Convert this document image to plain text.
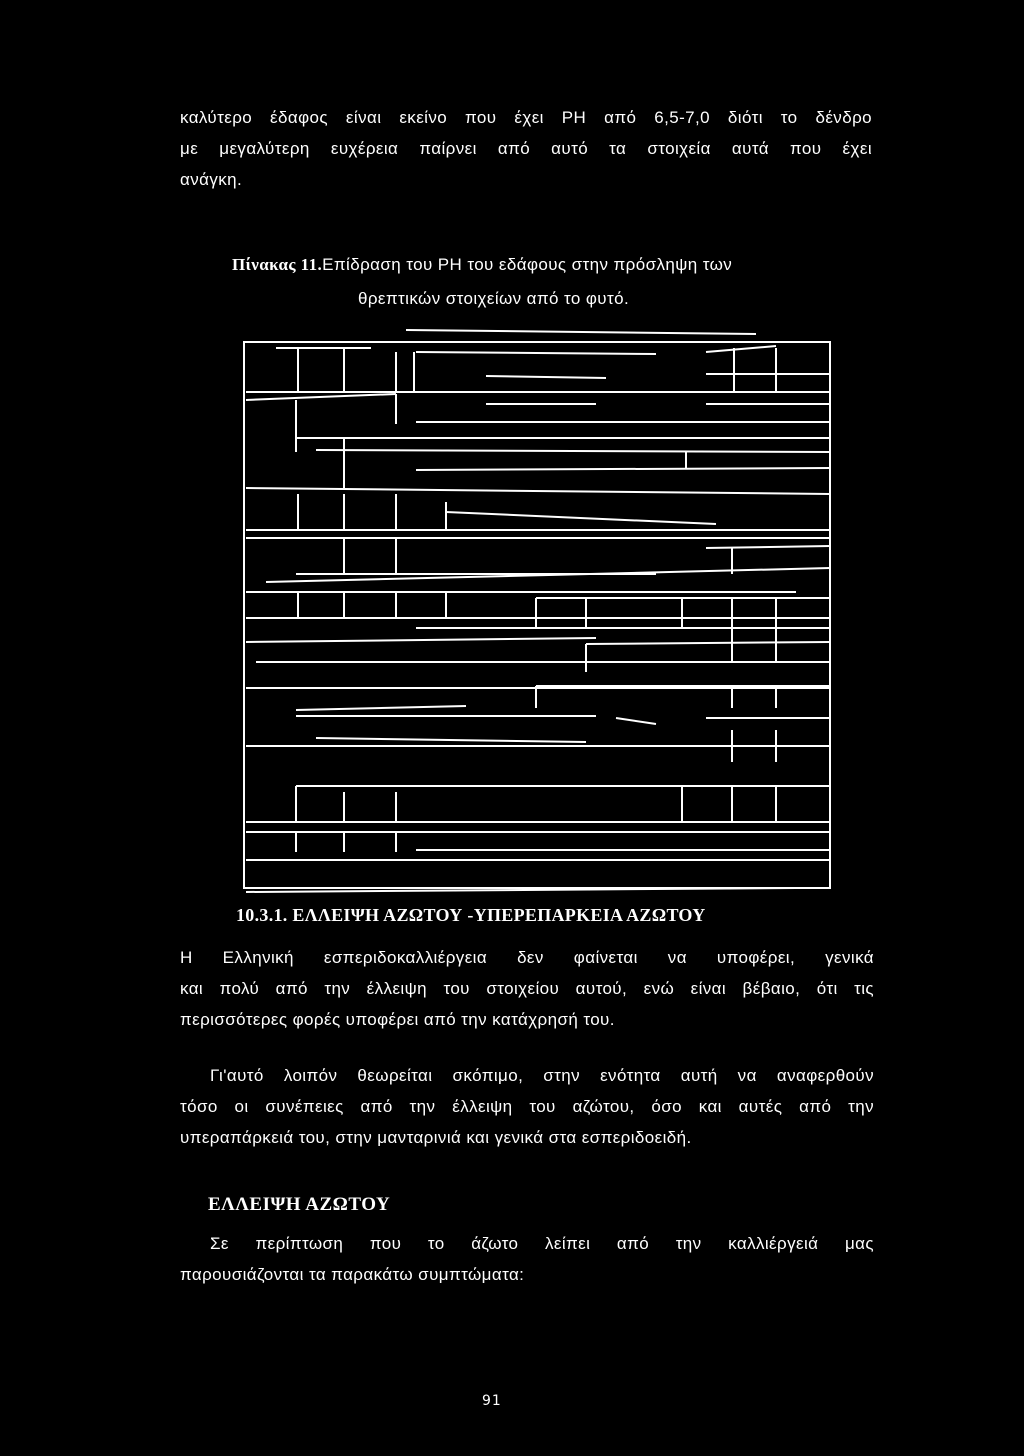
καλύτερο έδαφος είναι εκείνο που έχει PH από 6,5-7,0 διότι το δένδρο
με μεγαλύτερη ευχέρεια παίρνει από αυτό τα στοιχεία αυτά που έχει
ανάγκη.

Πίνακας 11.Επίδραση του PH του εδάφους στην πρόσληψη των
θρεπτικών στοιχείων από το φυτό.
10.3.1. ΕΛΛΕΙΨΗ ΑΖΩΤΟΥ -ΥΠΕΡΕΠΑΡΚΕΙΑ ΑΖΩΤΟΥ

Η Ελληνική εσπεριδοκαλλιέργεια δεν φαίνεται να υποφέρει, γενικά
και πολύ από την έλλειψη του στοιχείου αυτού, ενώ είναι βέβαιο, ότι τις
περισσότερες φορές υποφέρει από την κατάχρησή του.

Γι'αυτό λοιπόν θεωρείται σκόπιμο, στην ενότητα αυτή να αναφερθούν
τόσο οι συνέπειες από την έλλειψη του αζώτου, όσο και αυτές από την
υπεραπάρκειά του, στην μανταρινιά και γενικά στα εσπεριδοειδή.

ΕΛΛΕΙΨΗ ΑΖΩΤΟΥ

Σε περίπτωση που το άζωτο λείπει από την καλλιέργειά μας
παρουσιάζονται τα παρακάτω συμπτώματα:

91
